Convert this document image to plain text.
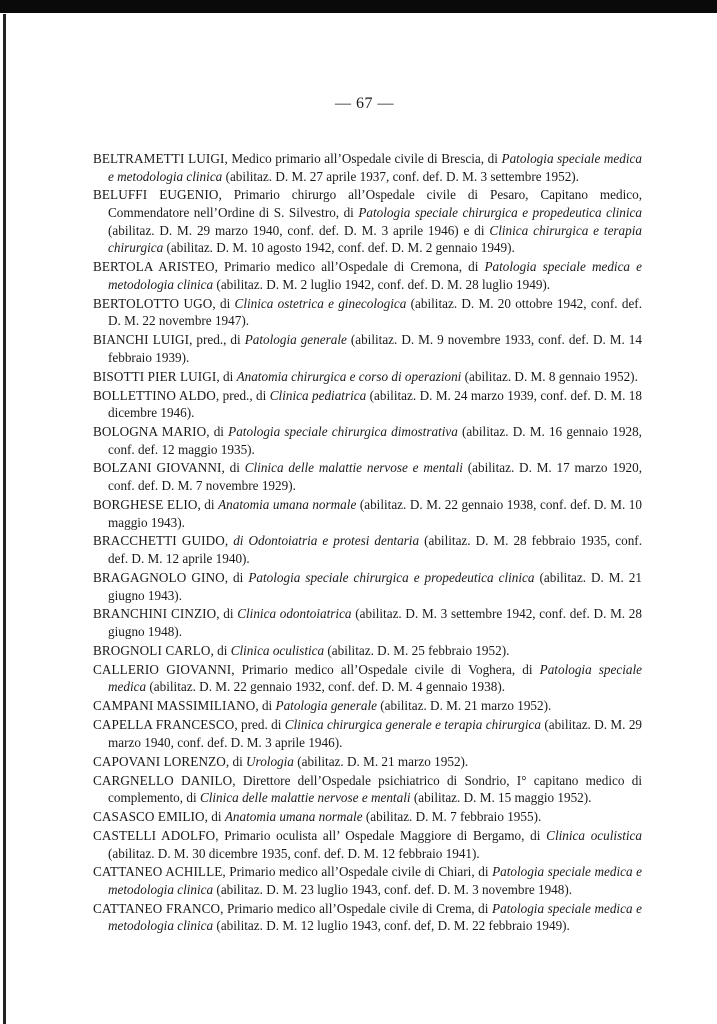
— 67 —

BELTRAMETTI LUIGI, Medico primario all’Ospedale civile di Brescia, di Patologia speciale medica e metodologia clinica (abilitaz. D. M. 27 aprile 1937, conf. def. D. M. 3 settembre 1952).

BELUFFI EUGENIO, Primario chirurgo all’Ospedale civile di Pesaro, Capitano medico, Commendatore nell’Ordine di S. Silvestro, di Patologia speciale chirurgica e propedeutica clinica (abilitaz. D. M. 29 marzo 1940, conf. def. D. M. 3 aprile 1946) e di Clinica chirurgica e terapia chirurgica (abilitaz. D. M. 10 agosto 1942, conf. def. D. M. 2 gennaio 1949).

BERTOLA ARISTEO, Primario medico all’Ospedale di Cremona, di Patologia speciale medica e metodologia clinica (abilitaz. D. M. 2 luglio 1942, conf. def. D. M. 28 luglio 1949).

BERTOLOTTO UGO, di Clinica ostetrica e ginecologica (abilitaz. D. M. 20 ottobre 1942, conf. def. D. M. 22 novembre 1947).

BIANCHI LUIGI, pred., di Patologia generale (abilitaz. D. M. 9 novembre 1933, conf. def. D. M. 14 febbraio 1939).

BISOTTI PIER LUIGI, di Anatomia chirurgica e corso di operazioni (abilitaz. D. M. 8 gennaio 1952).

BOLLETTINO ALDO, pred., di Clinica pediatrica (abilitaz. D. M. 24 marzo 1939, conf. def. D. M. 18 dicembre 1946).

BOLOGNA MARIO, di Patologia speciale chirurgica dimostrativa (abilitaz. D. M. 16 gennaio 1928, conf. def. 12 maggio 1935).

BOLZANI GIOVANNI, di Clinica delle malattie nervose e mentali (abilitaz. D. M. 17 marzo 1920, conf. def. D. M. 7 novembre 1929).

BORGHESE ELIO, di Anatomia umana normale (abilitaz. D. M. 22 gennaio 1938, conf. def. D. M. 10 maggio 1943).

BRACCHETTI GUIDO, di Odontoiatria e protesi dentaria (abilitaz. D. M. 28 febbraio 1935, conf. def. D. M. 12 aprile 1940).

BRAGAGNOLO GINO, di Patologia speciale chirurgica e propedeutica clinica (abilitaz. D. M. 21 giugno 1943).

BRANCHINI CINZIO, di Clinica odontoiatrica (abilitaz. D. M. 3 settembre 1942, conf. def. D. M. 28 giugno 1948).

BROGNOLI CARLO, di Clinica oculistica (abilitaz. D. M. 25 febbraio 1952).

CALLERIO GIOVANNI, Primario medico all’Ospedale civile di Voghera, di Patologia speciale medica (abilitaz. D. M. 22 gennaio 1932, conf. def. D. M. 4 gennaio 1938).

CAMPANI MASSIMILIANO, di Patologia generale (abilitaz. D. M. 21 marzo 1952).

CAPELLA FRANCESCO, pred. di Clinica chirurgica generale e terapia chirurgica (abilitaz. D. M. 29 marzo 1940, conf. def. D. M. 3 aprile 1946).

CAPOVANI LORENZO, di Urologia (abilitaz. D. M. 21 marzo 1952).

CARGNELLO DANILO, Direttore dell’Ospedale psichiatrico di Sondrio, I° capitano medico di complemento, di Clinica delle malattie nervose e mentali (abilitaz. D. M. 15 maggio 1952).

CASASCO EMILIO, di Anatomia umana normale (abilitaz. D. M. 7 febbraio 1955).

CASTELLI ADOLFO, Primario oculista all’ Ospedale Maggiore di Bergamo, di Clinica oculistica (abilitaz. D. M. 30 dicembre 1935, conf. def. D. M. 12 febbraio 1941).

CATTANEO ACHILLE, Primario medico all’Ospedale civile di Chiari, di Patologia speciale medica e metodologia clinica (abilitaz. D. M. 23 luglio 1943, conf. def. D. M. 3 novembre 1948).

CATTANEO FRANCO, Primario medico all’Ospedale civile di Crema, di Patologia speciale medica e metodologia clinica (abilitaz. D. M. 12 luglio 1943, conf. def, D. M. 22 febbraio 1949).
